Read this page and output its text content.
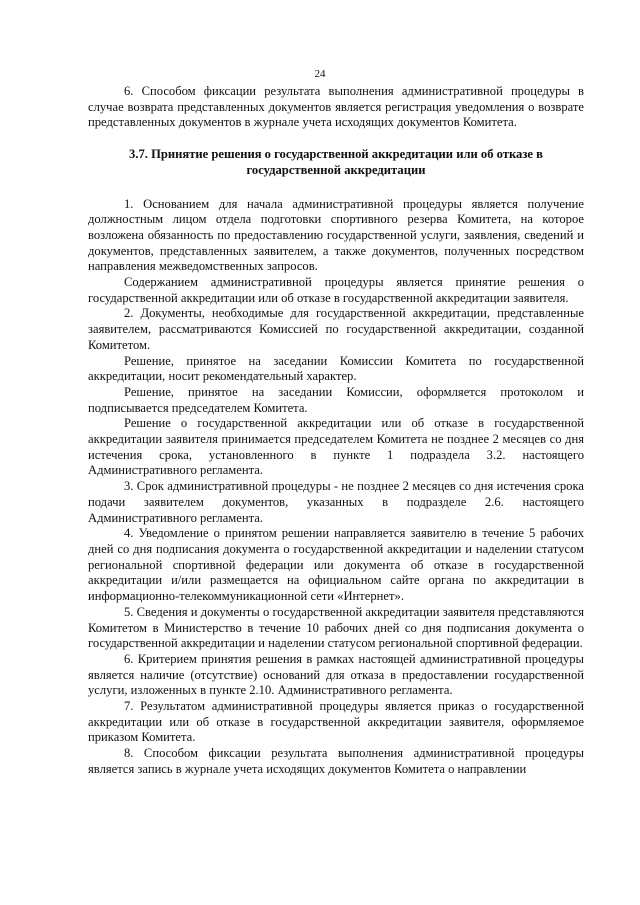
24

6. Способом фиксации результата выполнения административной процедуры в случае возврата представленных документов является регистрация уведомления о возврате представленных документов в журнале учета исходящих документов Комитета.

3.7. Принятие решения о государственной аккредитации или об отказе в государственной аккредитации

1. Основанием для начала административной процедуры является получение должностным лицом отдела подготовки спортивного резерва Комитета, на которое возложена обязанность по предоставлению государственной услуги, заявления, сведений и документов, представленных заявителем, а также документов, полученных посредством направления межведомственных запросов.

Содержанием административной процедуры является принятие решения о государственной аккредитации или об отказе в государственной аккредитации заявителя.

2. Документы, необходимые для государственной аккредитации, представленные заявителем, рассматриваются Комиссией по государственной аккредитации, созданной Комитетом.

Решение, принятое на заседании Комиссии Комитета по государственной аккредитации, носит рекомендательный характер.

Решение, принятое на заседании Комиссии, оформляется протоколом и подписывается председателем Комитета.

Решение о государственной аккредитации или об отказе в государственной аккредитации заявителя принимается председателем Комитета не позднее 2 месяцев со дня истечения срока, установленного в пункте 1 подраздела 3.2. настоящего Административного регламента.

3. Срок административной процедуры - не позднее 2 месяцев со дня истечения срока подачи заявителем документов, указанных в подразделе 2.6. настоящего Административного регламента.

4. Уведомление о принятом решении направляется заявителю в течение 5 рабочих дней со дня подписания документа о государственной аккредитации и наделении статусом региональной спортивной федерации или документа об отказе в государственной аккредитации и/или размещается на официальном сайте органа по аккредитации в информационно-телекоммуникационной сети «Интернет».

5. Сведения и документы о государственной аккредитации заявителя представляются Комитетом в Министерство в течение 10 рабочих дней со дня подписания документа о государственной аккредитации и наделении статусом региональной спортивной федерации.

6. Критерием принятия решения в рамках настоящей административной процедуры является наличие (отсутствие) оснований для отказа в предоставлении государственной услуги, изложенных в пункте 2.10. Административного регламента.

7. Результатом административной процедуры является приказ о государственной аккредитации или об отказе в государственной аккредитации заявителя, оформляемое приказом Комитета.

8. Способом фиксации результата выполнения административной процедуры является запись в журнале учета исходящих документов Комитета о направлении
